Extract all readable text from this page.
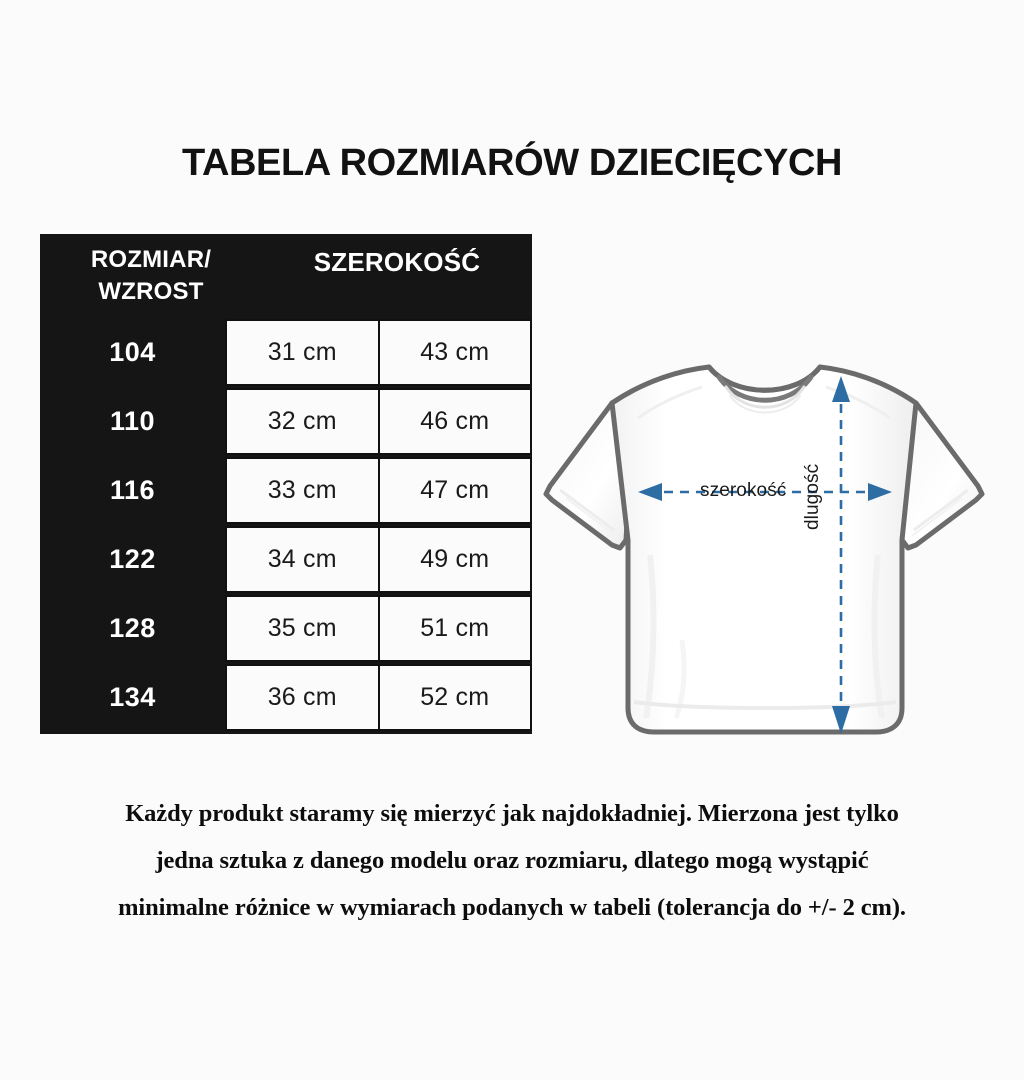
TABELA ROZMIARÓW DZIECIĘCYCH
ROZMIAR/
WZROST
SZEROKOŚĆ
104	31 cm	43 cm
110	32 cm	46 cm
116	33 cm	47 cm
122	34 cm	49 cm
128	35 cm	51 cm
134	36 cm	52 cm
szerokość dlugość
Każdy produkt staramy się mierzyć jak najdokładniej. Mierzona jest tylko
jedna sztuka z danego modelu oraz rozmiaru, dlatego mogą wystąpić
minimalne różnice w wymiarach podanych w tabeli (tolerancja do +/- 2 cm).
